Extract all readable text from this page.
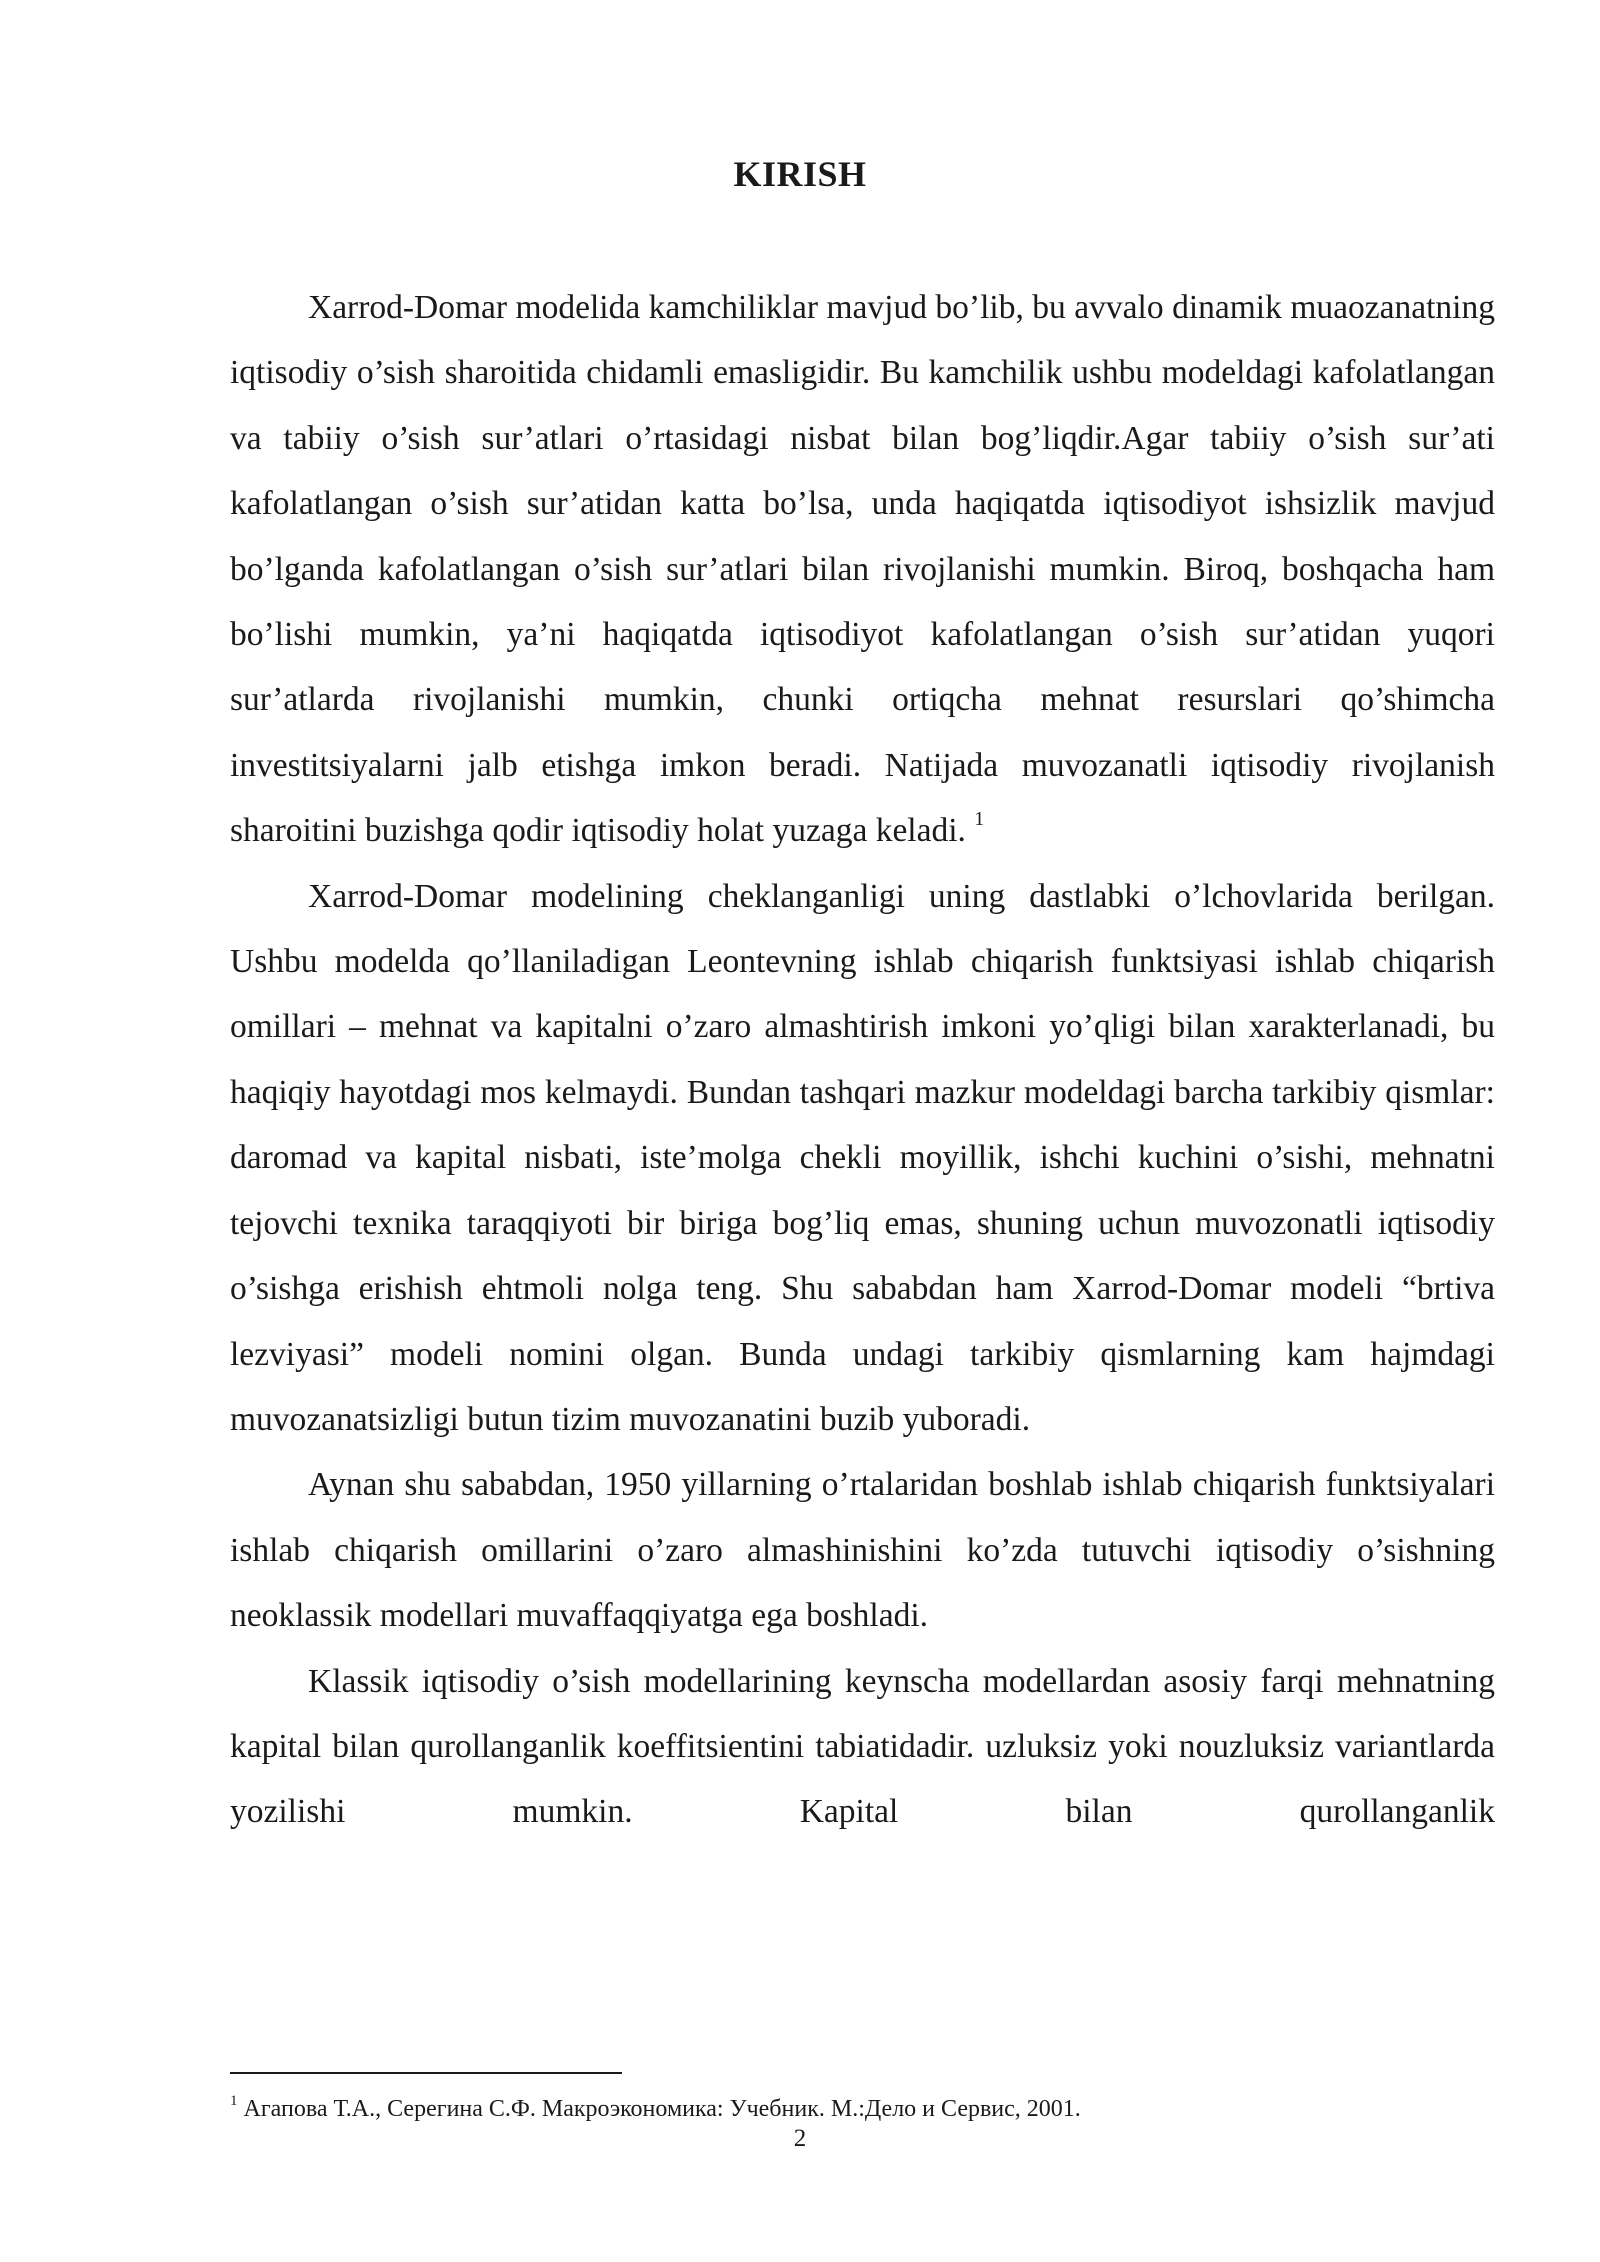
KIRISH

Xarrod-Domar modelida kamchiliklar mavjud bo’lib, bu avvalo dinamik muaozanatning iqtisodiy o’sish sharoitida chidamli emasligidir. Bu kamchilik ushbu modeldagi kafolatlangan va tabiiy o’sish sur’atlari o’rtasidagi nisbat bilan bog’liqdir.Agar tabiiy o’sish sur’ati kafolatlangan o’sish sur’atidan katta bo’lsa, unda haqiqatda iqtisodiyot ishsizlik mavjud bo’lganda kafolatlangan o’sish sur’atlari bilan rivojlanishi mumkin. Biroq, boshqacha ham bo’lishi mumkin, ya’ni haqiqatda iqtisodiyot kafolatlangan o’sish sur’atidan yuqori sur’atlarda rivojlanishi mumkin, chunki ortiqcha mehnat resurslari qo’shimcha investitsiyalarni jalb etishga imkon beradi. Natijada muvozanatli iqtisodiy rivojlanish sharoitini buzishga qodir iqtisodiy holat yuzaga keladi. $^1$

Xarrod-Domar modelining cheklanganligi uning dastlabki o’lchovlarida berilgan. Ushbu modelda qo’llaniladigan Leontevning ishlab chiqarish funktsiyasi ishlab chiqarish omillari – mehnat va kapitalni o’zaro almashtirish imkoni yo’qligi bilan xarakterlanadi, bu haqiqiy hayotdagi mos kelmaydi. Bundan tashqari mazkur modeldagi barcha tarkibiy qismlar: daromad va kapital nisbati, iste’molga chekli moyillik, ishchi kuchini o’sishi, mehnatni tejovchi texnika taraqqiyoti bir biriga bog’liq emas, shuning uchun muvozonatli iqtisodiy o’sishga erishish ehtmoli nolga teng. Shu sababdan ham Xarrod-Domar modeli “brtiva lezviyasi” modeli nomini olgan. Bunda undagi tarkibiy qismlarning kam hajmdagi muvozanatsizligi butun tizim muvozanatini buzib yuboradi.

Aynan shu sababdan, 1950 yillarning o’rtalaridan boshlab ishlab chiqarish funktsiyalari ishlab chiqarish omillarini o’zaro almashinishini ko’zda tutuvchi iqtisodiy o’sishning neoklassik modellari muvaffaqqiyatga ega boshladi.

Klassik iqtisodiy o’sish modellarining keynscha modellardan asosiy farqi mehnatning kapital bilan qurollanganlik koeffitsientini tabiatidadir. uzluksiz yoki nouzluksiz variantlarda yozilishi mumkin. Kapital bilan qurollanganlik

$^1$ Агапова Т.А., Серегина С.Ф. Макроэкономика: Учебник. М.:Дело и Сервис, 2001.
2
